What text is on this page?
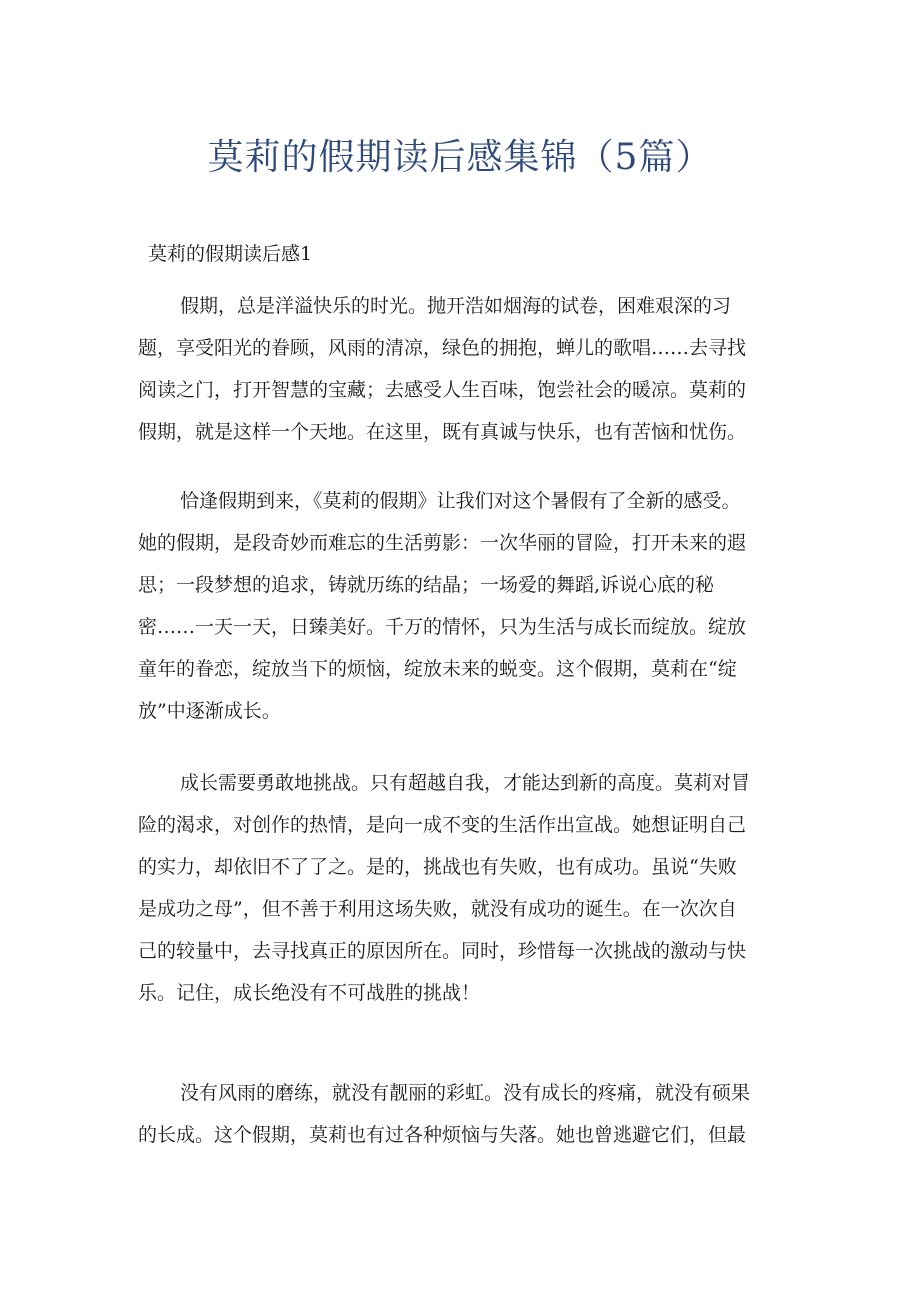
莫莉的假期读后感集锦（5篇）
莫莉的假期读后感1
假期，总是洋溢快乐的时光。抛开浩如烟海的试卷，困难艰深的习
题，享受阳光的眷顾，风雨的清凉，绿色的拥抱，蝉儿的歌唱……去寻找
阅读之门，打开智慧的宝藏；去感受人生百味，饱尝社会的暖凉。莫莉的
假期，就是这样一个天地。在这里，既有真诚与快乐，也有苦恼和忧伤。
恰逢假期到来，《莫莉的假期》让我们对这个暑假有了全新的感受。
她的假期，是段奇妙而难忘的生活剪影：一次华丽的冒险，打开未来的遐
思；一段梦想的追求，铸就历练的结晶；一场爱的舞蹈,诉说心底的秘
密……一天一天，日臻美好。千万的情怀，只为生活与成长而绽放。绽放
童年的眷恋，绽放当下的烦恼，绽放未来的蜕变。这个假期，莫莉在“绽
放”中逐渐成长。
成长需要勇敢地挑战。只有超越自我，才能达到新的高度。莫莉对冒
险的渴求，对创作的热情，是向一成不变的生活作出宣战。她想证明自己
的实力，却依旧不了了之。是的，挑战也有失败，也有成功。虽说“失败
是成功之母”，但不善于利用这场失败，就没有成功的诞生。在一次次自
己的较量中，去寻找真正的原因所在。同时，珍惜每一次挑战的激动与快
乐。记住，成长绝没有不可战胜的挑战！
没有风雨的磨练，就没有靓丽的彩虹。没有成长的疼痛，就没有硕果
的长成。这个假期，莫莉也有过各种烦恼与失落。她也曾逃避它们，但最
